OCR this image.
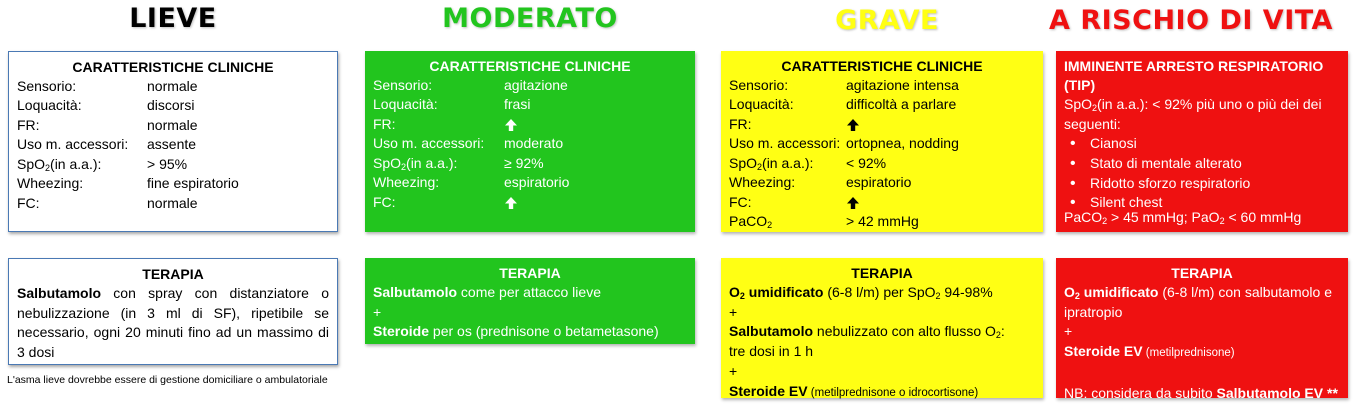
LIEVE	MODERATO	GRAVE	A RISCHIO DI VITA
CARATTERISTICHE CLINICHE
Sensorio:	normale
Loquacità:	discorsi
FR:	normale
Uso m. accessori:	assente
SpO$_2$(in a.a.):	> 95%
Wheezing:	fine espiratorio
FC:	normale
CARATTERISTICHE CLINICHE
Sensorio:	agitazione
Loquacità:	frasi
FR:
Uso m. accessori:	moderato
SpO$_2$(in a.a.):	≥ 92%
Wheezing:	espiratorio
FC:
CARATTERISTICHE CLINICHE
Sensorio:	agitazione intensa
Loquacità:	difficoltà a parlare
FR:
Uso m. accessori: ortopnea, nodding
SpO$_2$(in a.a.):	< 92%
Wheezing:	espiratorio
FC:
PaCO$_2$	> 42 mmHg
IMMINENTE ARRESTO RESPIRATORIO (TIP)
SpO$_2$(in a.a.): < 92% più uno o più dei dei seguenti:
•	Cianosi
•	Stato di mentale alterato
•	Ridotto sforzo respiratorio
•	Silent chest
PaCO$_2$ > 45 mmHg; PaO$_2$ < 60 mmHg
TERAPIA
Salbutamolo con spray con distanziatore o nebulizzazione (in 3 ml di SF), ripetibile se necessario, ogni 20 minuti fino ad un massimo di 3 dosi
TERAPIA
Salbutamolo come per attacco lieve
+
Steroide per os (prednisone o betametasone)
TERAPIA
$O_2$ umidificato (6-8 l/m) per SpO$_2$ 94-98%
+
Salbutamolo nebulizzato con alto flusso $O_2$:
tre dosi in 1 h
+
Steroide EV (metilprednisone o idrocortisone)
TERAPIA
$O_2$ umidificato (6-8 l/m) con salbutamolo e
ipratropio
+
Steroide EV (metilprednisone)
NB: considera da subito Salbutamolo EV **
L'asma lieve dovrebbe essere di gestione domiciliare o ambulatoriale
